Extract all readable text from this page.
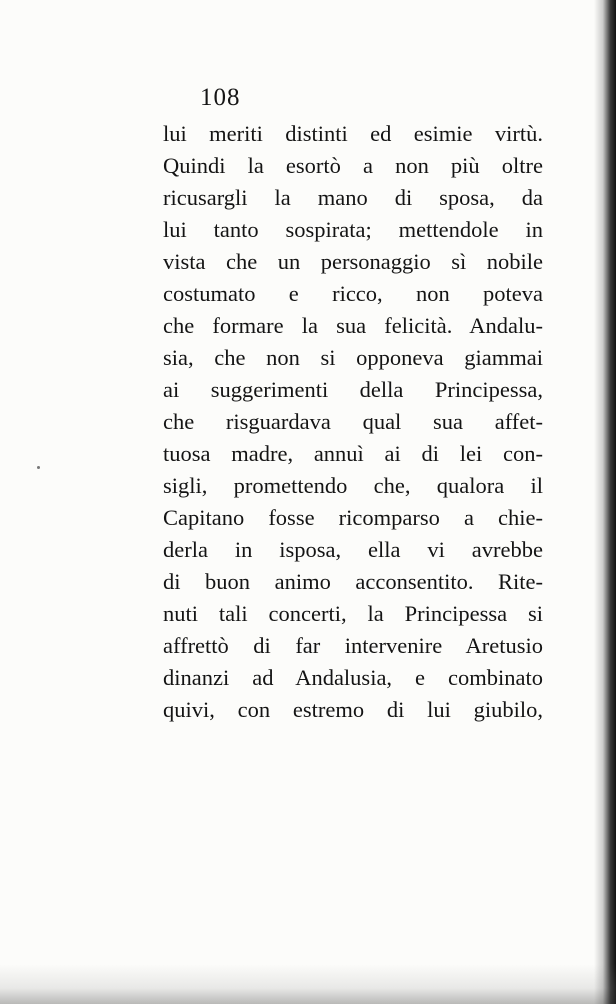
108
lui meriti distinti ed esimie virtù.
Quindi la esortò a non più oltre
ricusargli la mano di sposa, da
lui tanto sospirata; mettendole in
vista che un personaggio sì nobile
costumato e ricco, non poteva
che formare la sua felicità. Andalu-
sia, che non si opponeva giammai
ai suggerimenti della Principessa,
che risguardava qual sua affet-
tuosa madre, annuì ai di lei con-
sigli, promettendo che, qualora il
Capitano fosse ricomparso a chie-
derla in isposa, ella vi avrebbe
di buon animo acconsentito. Rite-
nuti tali concerti, la Principessa si
affrettò di far intervenire Aretusio
dinanzi ad Andalusia, e combinato
quivi, con estremo di lui giubilo,
